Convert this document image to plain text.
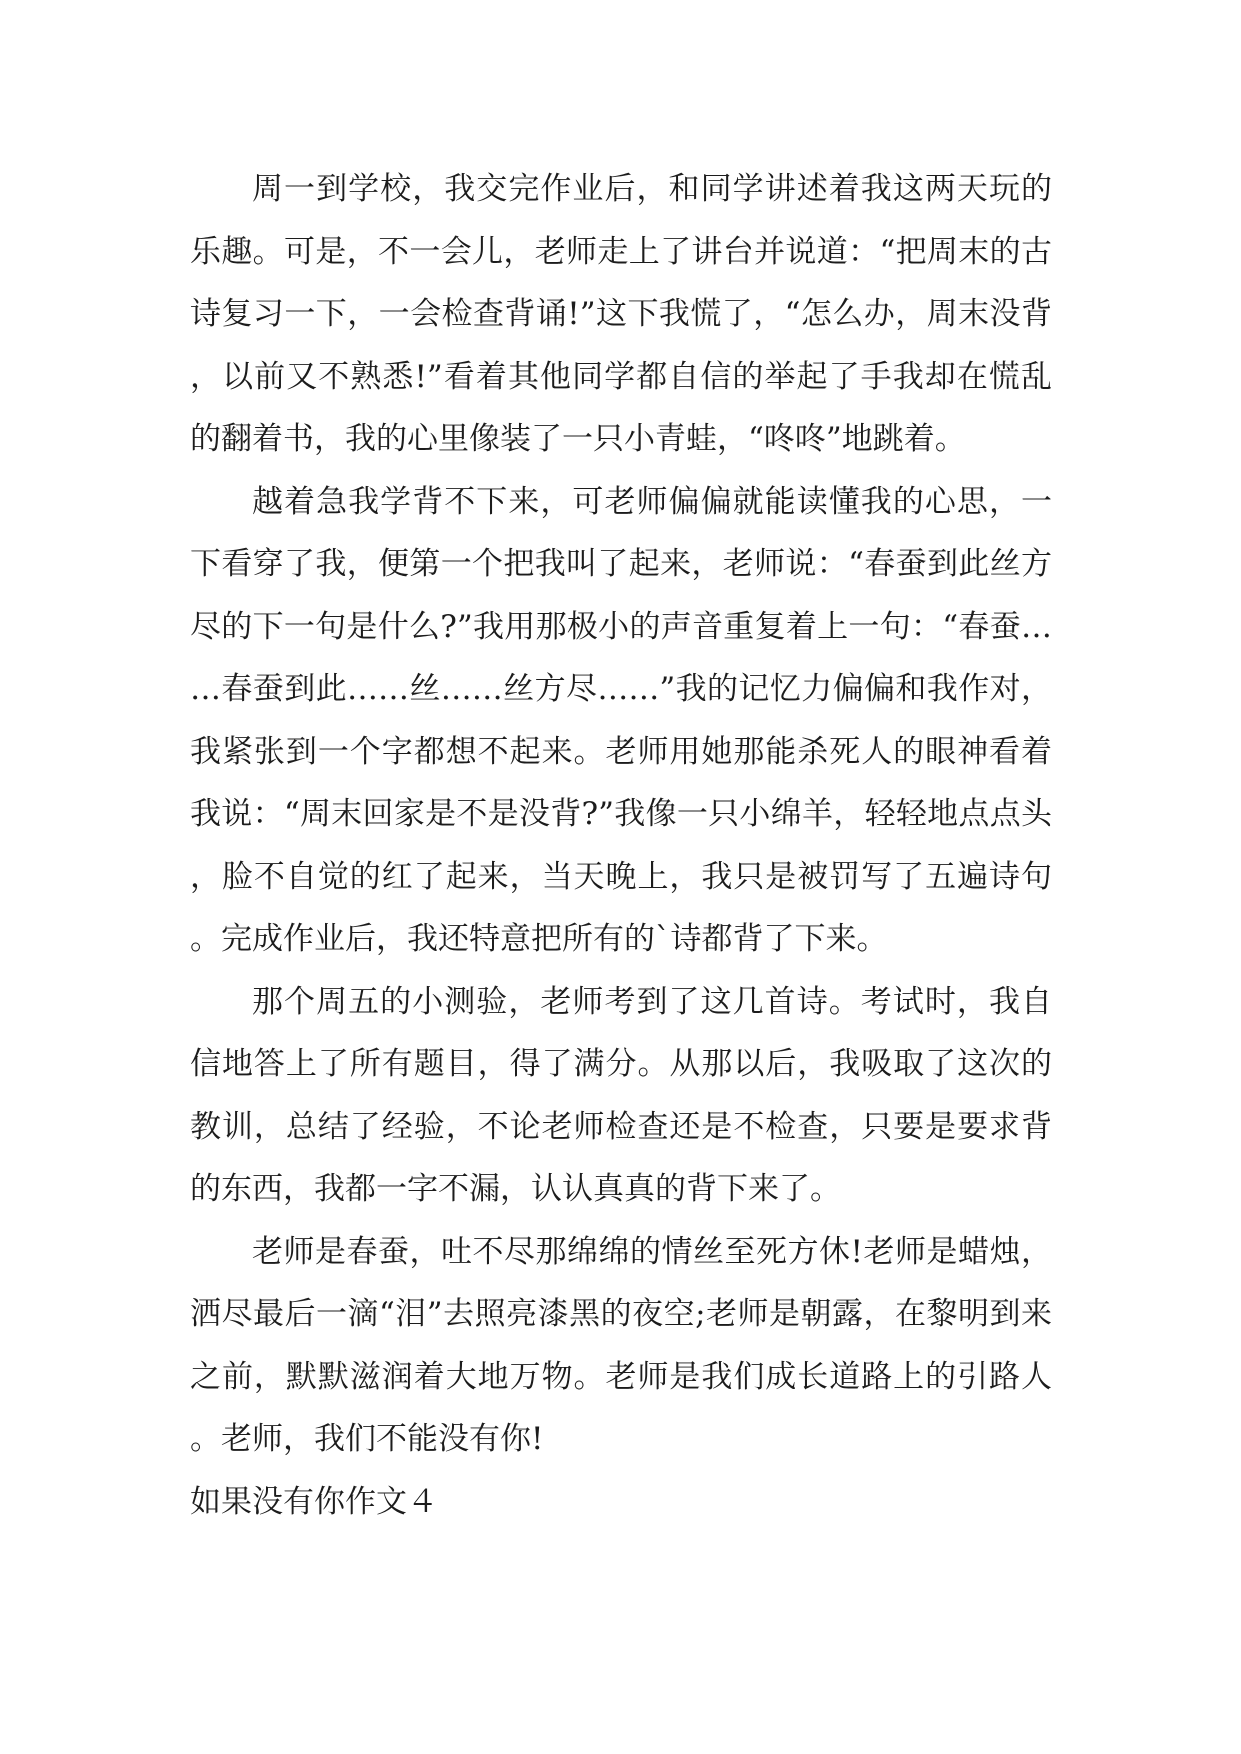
周一到学校，我交完作业后，和同学讲述着我这两天玩的乐趣。可是，不一会儿，老师走上了讲台并说道：“把周末的古诗复习一下，一会检查背诵!”这下我慌了，“怎么办，周末没背，以前又不熟悉!”看着其他同学都自信的举起了手我却在慌乱的翻着书，我的心里像装了一只小青蛙，“咚咚”地跳着。

越着急我学背不下来，可老师偏偏就能读懂我的心思，一下看穿了我，便第一个把我叫了起来，老师说：“春蚕到此丝方尽的下一句是什么?”我用那极小的声音重复着上一句：“春蚕……春蚕到此……丝……丝方尽……”我的记忆力偏偏和我作对，我紧张到一个字都想不起来。老师用她那能杀死人的眼神看着我说：“周末回家是不是没背?”我像一只小绵羊，轻轻地点点头，脸不自觉的红了起来，当天晚上，我只是被罚写了五遍诗句。完成作业后，我还特意把所有的`诗都背了下来。

那个周五的小测验，老师考到了这几首诗。考试时，我自信地答上了所有题目，得了满分。从那以后，我吸取了这次的教训，总结了经验，不论老师检查还是不检查，只要是要求背的东西，我都一字不漏，认认真真的背下来了。

老师是春蚕，吐不尽那绵绵的情丝至死方休!老师是蜡烛，洒尽最后一滴“泪”去照亮漆黑的夜空;老师是朝露，在黎明到来之前，默默滋润着大地万物。老师是我们成长道路上的引路人。老师，我们不能没有你!

如果没有你作文４
